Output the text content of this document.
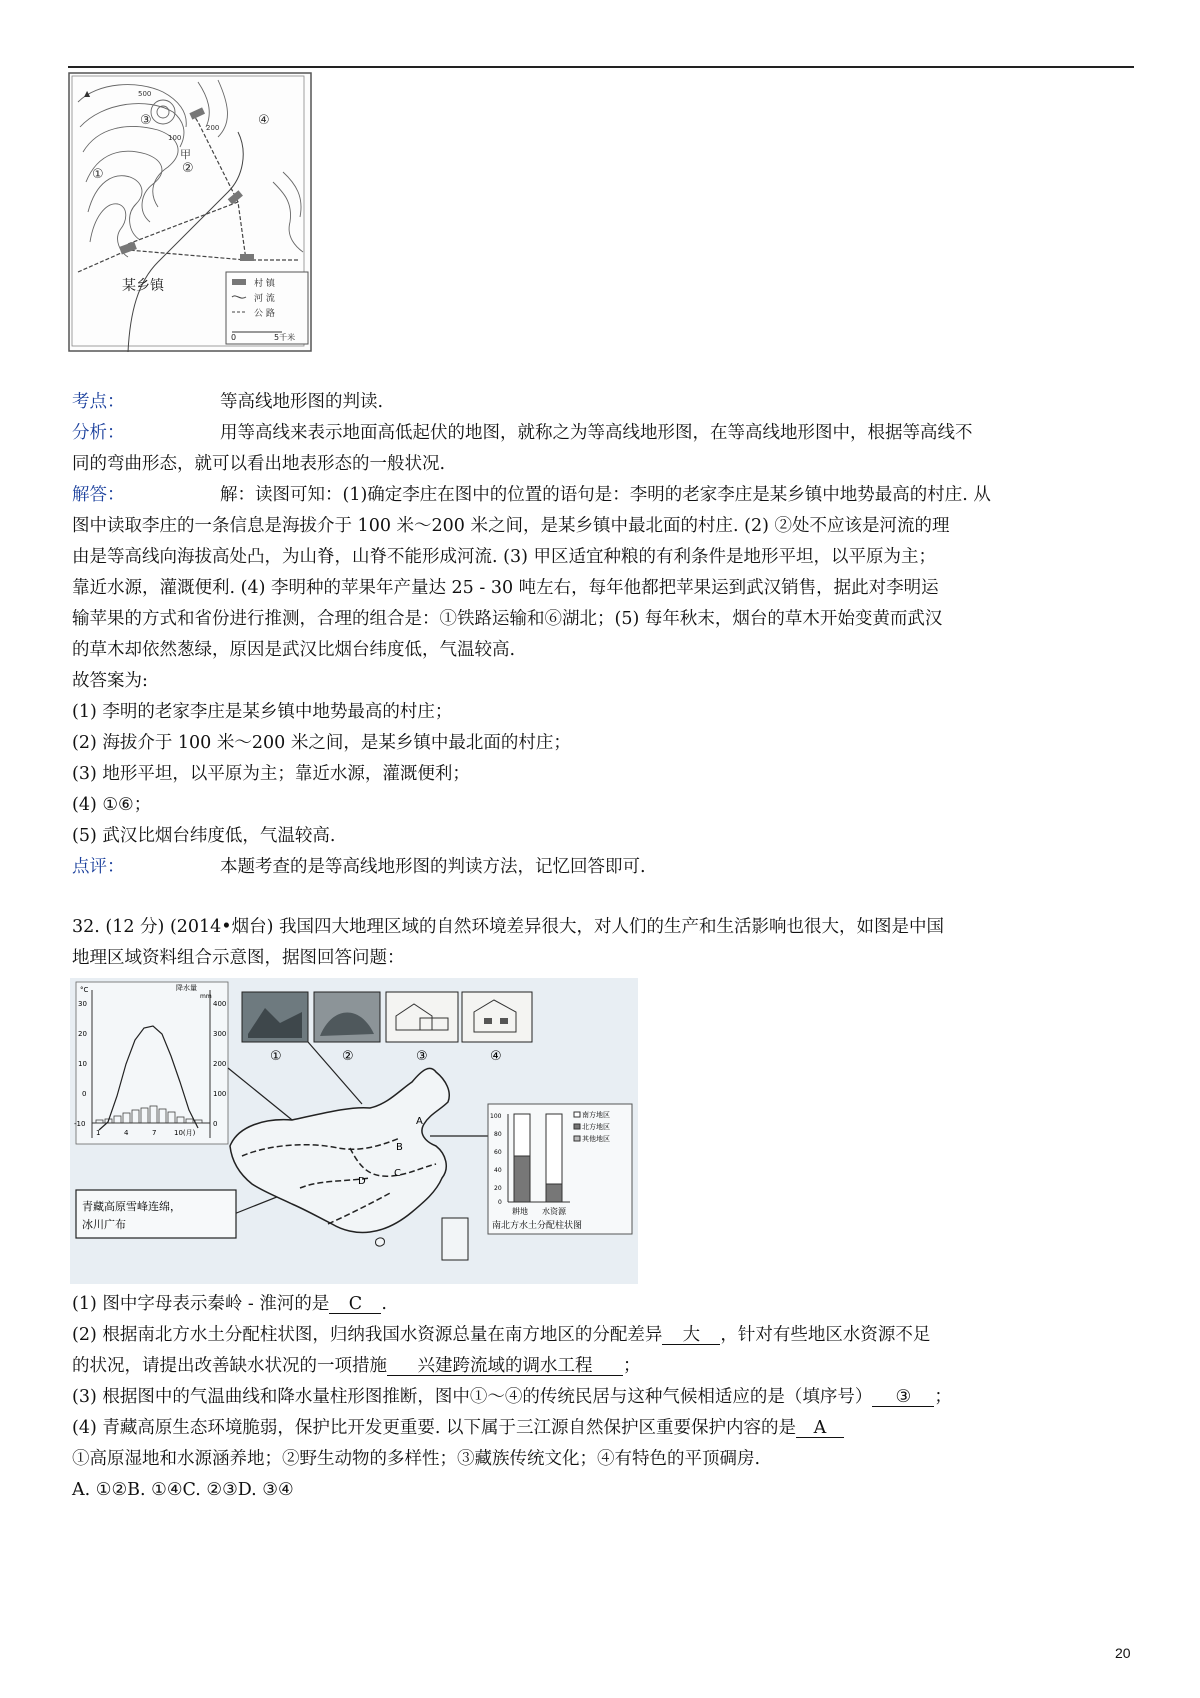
▲	500
100
200
③
①
④
甲
②
某乡镇	村 镇
河 流
公 路
0	5千米
考点：	等高线地形图的判读.
分析：	用等高线来表示地面高低起伏的地图，就称之为等高线地形图，在等高线地形图中，根据等高线不
同的弯曲形态，就可以看出地表形态的一般状况.
解答：	解：读图可知：(1)确定李庄在图中的位置的语句是：李明的老家李庄是某乡镇中地势最高的村庄. 从
图中读取李庄的一条信息是海拔介于 100 米～200 米之间，是某乡镇中最北面的村庄. (2) ②处不应该是河流的理
由是等高线向海拔高处凸，为山脊，山脊不能形成河流. (3) 甲区适宜种粮的有利条件是地形平坦，以平原为主；
靠近水源，灌溉便利. (4) 李明种的苹果年产量达 25 - 30 吨左右，每年他都把苹果运到武汉销售，据此对李明运
输苹果的方式和省份进行推测，合理的组合是：①铁路运输和⑥湖北；(5) 每年秋末，烟台的草木开始变黄而武汉
的草木却依然葱绿，原因是武汉比烟台纬度低，气温较高.
故答案为:
(1) 李明的老家李庄是某乡镇中地势最高的村庄；
(2) 海拔介于 100 米～200 米之间，是某乡镇中最北面的村庄；
(3) 地形平坦，以平原为主；靠近水源，灌溉便利；
(4) ①⑥；
(5) 武汉比烟台纬度低，气温较高.
点评：	本题考查的是等高线地形图的判读方法，记忆回答即可.
32. (12 分) (2014•烟台) 我国四大地理区域的自然环境差异很大，对人们的生产和生活影响也很大，如图是中国
地理区域资料组合示意图，据图回答问题：
°C	降水量
mm
30
20
10
0
-10
400
300
200
100
0
1	4	7	10(月)
①	②	③	④
A
B
C
D
青藏高原雪峰连绵，
冰川广布
100
80
60
40
20
0
南方地区
北方地区
其他地区
耕地 水资源
南北方水土分配柱状图
(1) 图中字母表示秦岭 - 淮河的是 C .
(2) 根据南北方水土分配柱状图，归纳我国水资源总量在南方地区的分配差异 大 ，针对有些地区水资源不足
的状况，请提出改善缺水状况的一项措施 兴建跨流域的调水工程 ；
(3) 根据图中的气温曲线和降水量柱形图推断，图中①～④的传统民居与这种气候相适应的是（填序号） ③ ；
(4) 青藏高原生态环境脆弱，保护比开发更重要. 以下属于三江源自然保护区重要保护内容的是 A
①高原湿地和水源涵养地；②野生动物的多样性；③藏族传统文化；④有特色的平顶碉房.
A. ①②B. ①④C. ②③D. ③④
20
